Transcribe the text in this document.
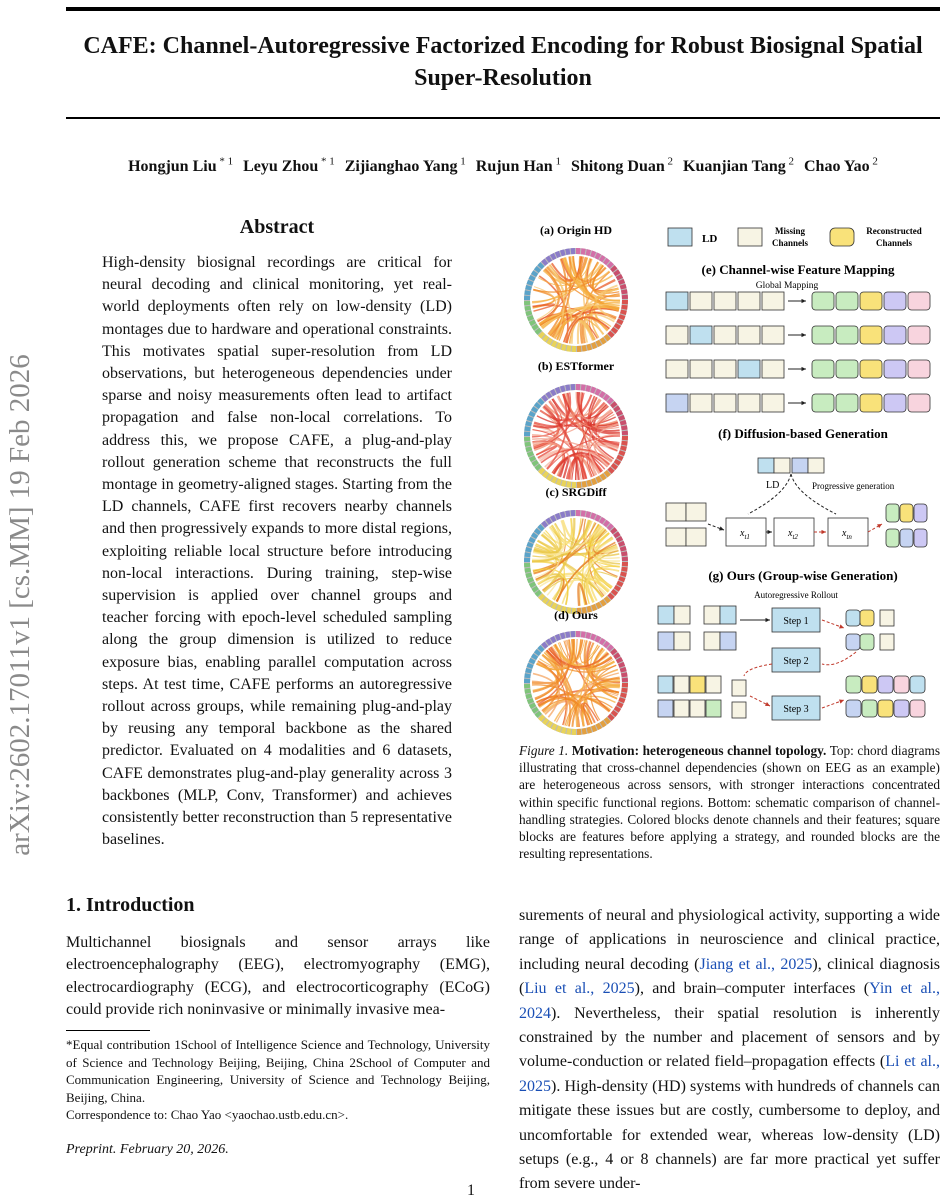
CAFE: Channel-Autoregressive Factorized Encoding for Robust Biosignal Spatial Super-Resolution
Hongjun Liu $^{* 1}$ Leyu Zhou $^{* 1}$ Zijianghao Yang $^1$ Rujun Han $^1$ Shitong Duan $^2$ Kuanjian Tang $^2$ Chao Yao $^2$
arXiv:2602.17011v1 [cs.MM] 19 Feb 2026
Abstract

High-density biosignal recordings are critical for neural decoding and clinical monitoring, yet real-world deployments often rely on low-density (LD) montages due to hardware and operational constraints. This motivates spatial super-resolution from LD observations, but heterogeneous dependencies under sparse and noisy measurements often lead to artifact propagation and false non-local correlations. To address this, we propose CAFE, a plug-and-play rollout generation scheme that reconstructs the full montage in geometry-aligned stages. Starting from the LD channels, CAFE first recovers nearby channels and then progressively expands to more distal regions, exploiting reliable local structure before introducing non-local interactions. During training, step-wise supervision is applied over channel groups and teacher forcing with epoch-level scheduled sampling along the group dimension is utilized to reduce exposure bias, enabling parallel computation across steps. At test time, CAFE performs an autoregressive rollout across groups, while remaining plug-and-play by reusing any temporal backbone as the shared predictor. Evaluated on 4 modalities and 6 datasets, CAFE demonstrates plug-and-play generality across 3 backbones (MLP, Conv, Transformer) and achieves consistently better reconstruction than 5 representative baselines.

1. Introduction

Multichannel biosignals and sensor arrays like electroencephalography (EEG), electromyography (EMG), electrocardiography (ECG), and electrocorticography (ECoG) could provide rich noninvasive or minimally invasive mea-

*Equal contribution 1School of Intelligence Science and Technology, University of Science and Technology Beijing, Beijing, China 2School of Computer and Communication Engineering, University of Science and Technology Beijing, Beijing, China.
Correspondence to: Chao Yao <yaochao.ustb.edu.cn>.

Preprint. February 20, 2026.

1
(a) Origin HD
(b) ESTformer
(c) SRGDiff
(d) Ours
LD
Missing
Channels
Reconstructed
Channels
(e) Channel-wise Feature Mapping
Global Mapping
(f) Diffusion-based Generation
LD	Progressive generation
$x_{t1}$	$x_{t2}$	$x_{tn}$
(g) Ours (Group-wise Generation)
Autoregressive Rollout
Step 1
Step 2
Step 3

Figure 1. Motivation: heterogeneous channel topology. Top: chord diagrams illustrating that cross-channel dependencies (shown on EEG as an example) are heterogeneous across sensors, with stronger interactions concentrated within specific functional regions. Bottom: schematic comparison of channel-handling strategies. Colored blocks denote channels and their features; square blocks are features before applying a strategy, and rounded blocks are the resulting representations.

surements of neural and physiological activity, supporting a wide range of applications in neuroscience and clinical practice, including neural decoding (Jiang et al., 2025), clinical diagnosis (Liu et al., 2025), and brain–computer interfaces (Yin et al., 2024). Nevertheless, their spatial resolution is inherently constrained by the number and placement of sensors and by volume-conduction or related field–propagation effects (Li et al., 2025). High-density (HD) systems with hundreds of channels can mitigate these issues but are costly, cumbersome to deploy, and uncomfortable for extended wear, whereas low-density (LD) setups (e.g., 4 or 8 channels) are far more practical yet suffer from severe under-
